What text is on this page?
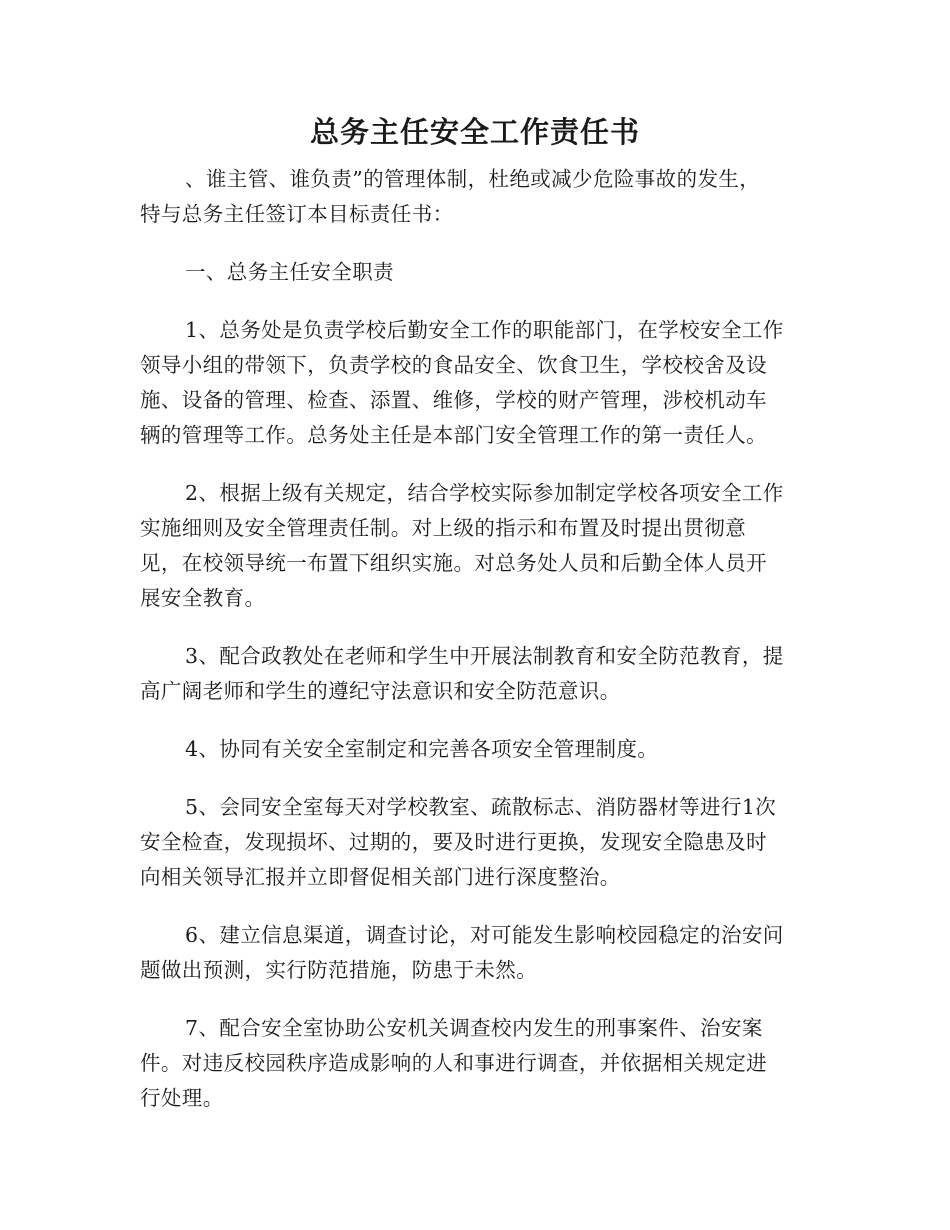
总务主任安全工作责任书
、谁主管、谁负责”的管理体制，杜绝或减少危险事故的发生，
特与总务主任签订本目标责任书：
一、总务主任安全职责
1、总务处是负责学校后勤安全工作的职能部门，在学校安全工作
领导小组的带领下，负责学校的食品安全、饮食卫生，学校校舍及设
施、设备的管理、检查、添置、维修，学校的财产管理，涉校机动车
辆的管理等工作。总务处主任是本部门安全管理工作的第一责任人。
2、根据上级有关规定，结合学校实际参加制定学校各项安全工作
实施细则及安全管理责任制。对上级的指示和布置及时提出贯彻意
见，在校领导统一布置下组织实施。对总务处人员和后勤全体人员开
展安全教育。
3、配合政教处在老师和学生中开展法制教育和安全防范教育，提
高广阔老师和学生的遵纪守法意识和安全防范意识。
4、协同有关安全室制定和完善各项安全管理制度。
5、会同安全室每天对学校教室、疏散标志、消防器材等进行1次
安全检查，发现损坏、过期的，要及时进行更换，发现安全隐患及时
向相关领导汇报并立即督促相关部门进行深度整治。
6、建立信息渠道，调查讨论，对可能发生影响校园稳定的治安问
题做出预测，实行防范措施，防患于未然。
7、配合安全室协助公安机关调查校内发生的刑事案件、治安案
件。对违反校园秩序造成影响的人和事进行调查，并依据相关规定进
行处理。
